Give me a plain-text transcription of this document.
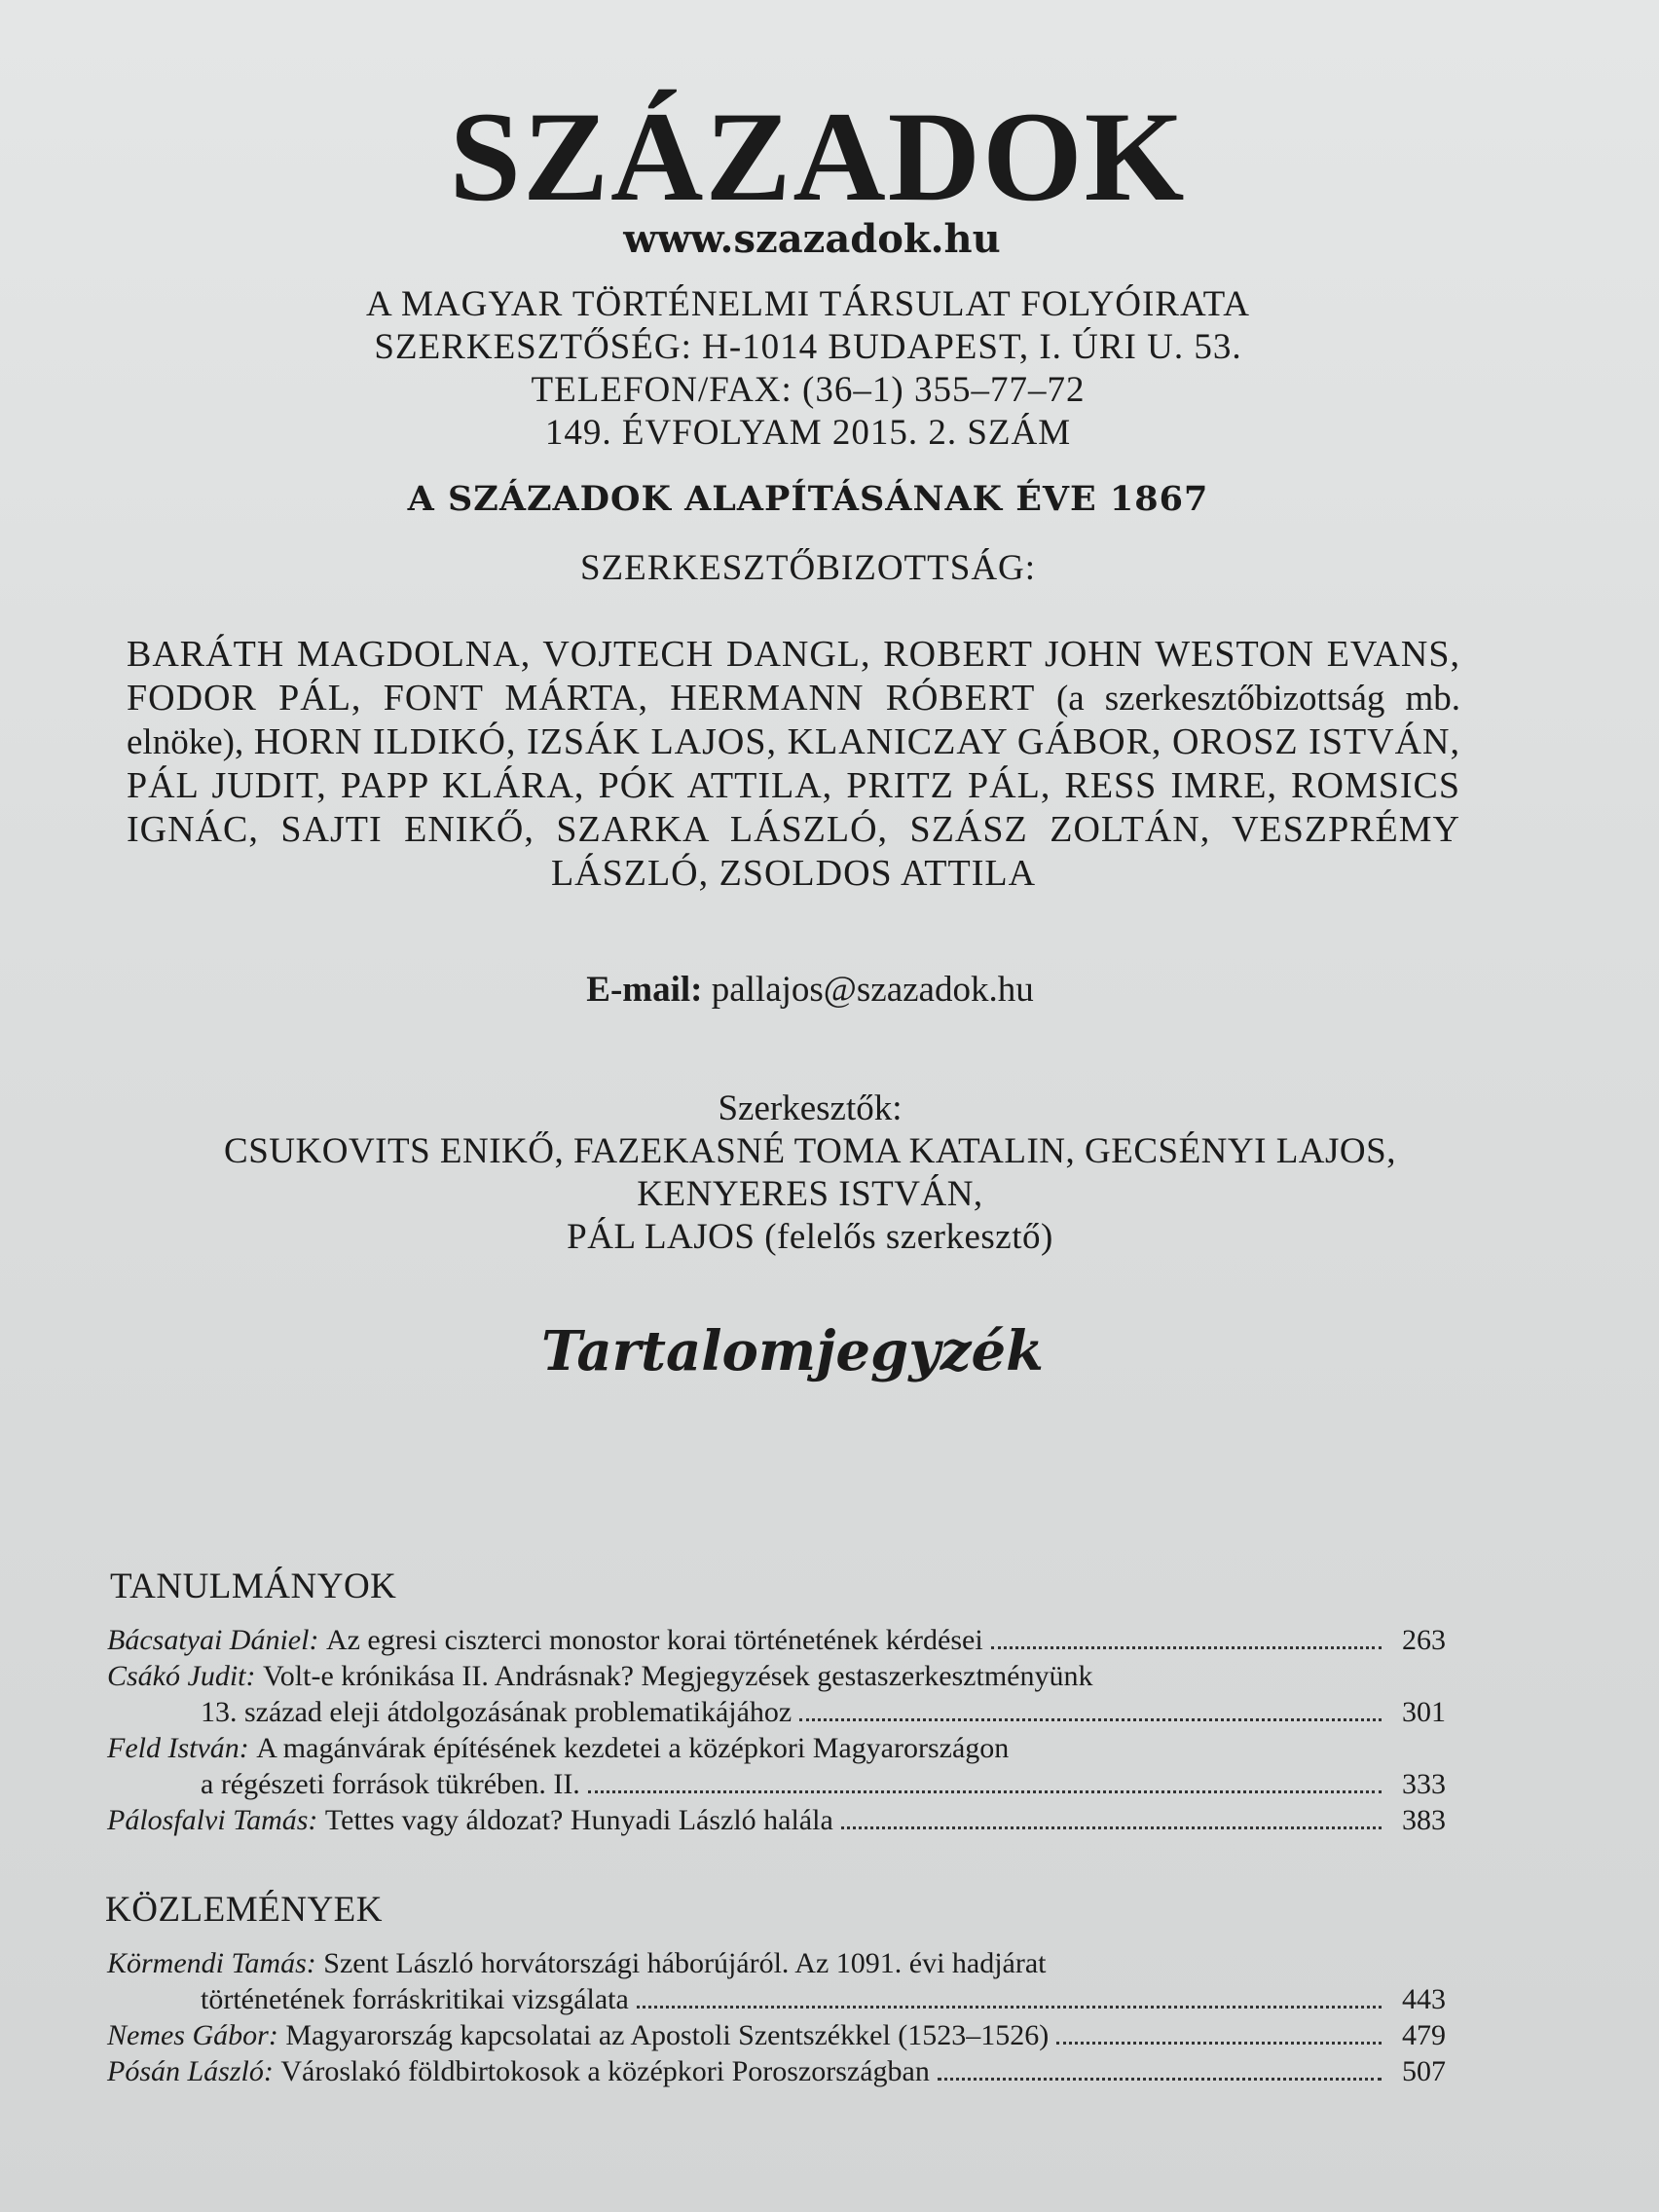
SZÁZADOK
www.szazadok.hu
A MAGYAR TÖRTÉNELMI TÁRSULAT FOLYÓIRATA
SZERKESZTŐSÉG: H-1014 BUDAPEST, I. ÚRI U. 53.
TELEFON/FAX: (36–1) 355–77–72
149. ÉVFOLYAM 2015. 2. SZÁM
A SZÁZADOK ALAPÍTÁSÁNAK ÉVE 1867
SZERKESZTŐBIZOTTSÁG:
BARÁTH MAGDOLNA, VOJTECH DANGL, ROBERT JOHN WESTON EVANS, FODOR PÁL, FONT MÁRTA, HERMANN RÓBERT (a szerkesztőbizottság mb. elnöke), HORN ILDIKÓ, IZSÁK LAJOS, KLANICZAY GÁBOR, OROSZ ISTVÁN, PÁL JUDIT, PAPP KLÁRA, PÓK ATTILA, PRITZ PÁL, RESS IMRE, ROMSICS IGNÁC, SAJTI ENIKŐ, SZARKA LÁSZLÓ, SZÁSZ ZOLTÁN, VESZPRÉMY LÁSZLÓ, ZSOLDOS ATTILA
E-mail: pallajos@szazadok.hu
Szerkesztők:
CSUKOVITS ENIKŐ, FAZEKASNÉ TOMA KATALIN, GECSÉNYI LAJOS,
KENYERES ISTVÁN,
PÁL LAJOS (felelős szerkesztő)
Tartalomjegyzék
TANULMÁNYOK
Bácsatyai Dániel:
Az egresi ciszterci monostor korai történetének kérdései	263
Csákó Judit:
Volt-e krónikása II. Andrásnak? Megjegyzések gestaszerkesztményünk
13. század eleji átdolgozásának problematikájához	301
Feld István:
A magánvárak építésének kezdetei a középkori Magyarországon
a régészeti források tükrében. II.	333
Pálosfalvi Tamás:
Tettes vagy áldozat? Hunyadi László halála	383
KÖZLEMÉNYEK
Körmendi Tamás:
Szent László horvátországi háborújáról. Az 1091. évi hadjárat
történetének forráskritikai vizsgálata	443
Nemes Gábor:
Magyarország kapcsolatai az Apostoli Szentszékkel (1523–1526)	479
Pósán László:
Városlakó földbirtokosok a középkori Poroszországban	507
